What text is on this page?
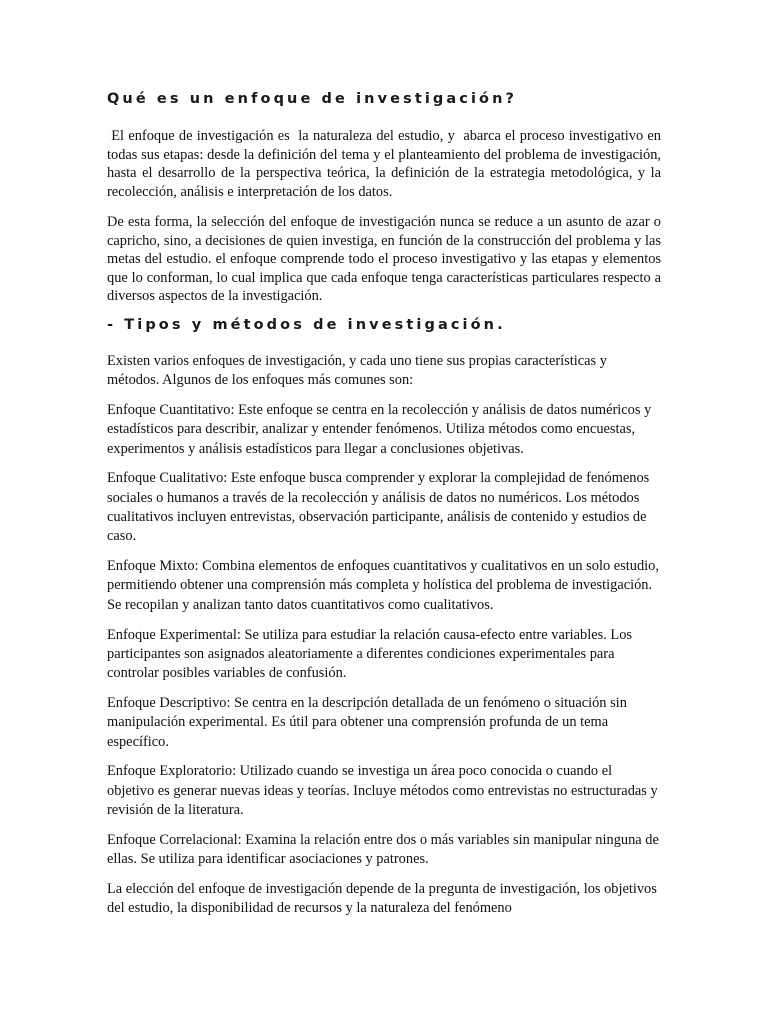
Qué es un enfoque de investigación?

El enfoque de investigación es  la naturaleza del estudio, y  abarca el proceso investigativo en todas sus etapas: desde la definición del tema y el planteamiento del problema de investigación, hasta el desarrollo de la perspectiva teórica, la definición de la estrategia metodológica, y la recolección, análisis e interpretación de los datos.

De esta forma, la selección del enfoque de investigación nunca se reduce a un asunto de azar o capricho, sino, a decisiones de quien investiga, en función de la construcción del problema y las metas del estudio. el enfoque comprende todo el proceso investigativo y las etapas y elementos que lo conforman, lo cual implica que cada enfoque tenga características particulares respecto a diversos aspectos de la investigación.

- Tipos y métodos de investigación.

Existen varios enfoques de investigación, y cada uno tiene sus propias características y métodos. Algunos de los enfoques más comunes son:

Enfoque Cuantitativo: Este enfoque se centra en la recolección y análisis de datos numéricos y estadísticos para describir, analizar y entender fenómenos. Utiliza métodos como encuestas, experimentos y análisis estadísticos para llegar a conclusiones objetivas.

Enfoque Cualitativo: Este enfoque busca comprender y explorar la complejidad de fenómenos sociales o humanos a través de la recolección y análisis de datos no numéricos. Los métodos cualitativos incluyen entrevistas, observación participante, análisis de contenido y estudios de caso.

Enfoque Mixto: Combina elementos de enfoques cuantitativos y cualitativos en un solo estudio, permitiendo obtener una comprensión más completa y holística del problema de investigación. Se recopilan y analizan tanto datos cuantitativos como cualitativos.

Enfoque Experimental: Se utiliza para estudiar la relación causa-efecto entre variables. Los participantes son asignados aleatoriamente a diferentes condiciones experimentales para controlar posibles variables de confusión.

Enfoque Descriptivo: Se centra en la descripción detallada de un fenómeno o situación sin manipulación experimental. Es útil para obtener una comprensión profunda de un tema específico.

Enfoque Exploratorio: Utilizado cuando se investiga un área poco conocida o cuando el objetivo es generar nuevas ideas y teorías. Incluye métodos como entrevistas no estructuradas y revisión de la literatura.

Enfoque Correlacional: Examina la relación entre dos o más variables sin manipular ninguna de ellas. Se utiliza para identificar asociaciones y patrones.

La elección del enfoque de investigación depende de la pregunta de investigación, los objetivos del estudio, la disponibilidad de recursos y la naturaleza del fenómeno
